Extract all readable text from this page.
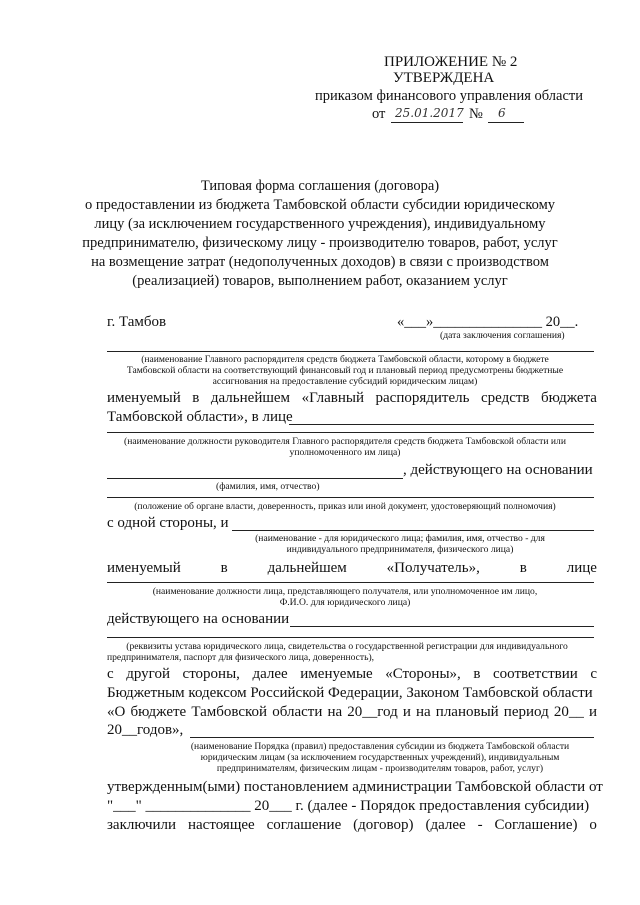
ПРИЛОЖЕНИЕ № 2
УТВЕРЖДЕНА
приказом финансового управления области
от 25.01.2017 № 6
Типовая форма соглашения (договора)
о предоставлении из бюджета Тамбовской области субсидии юридическому
лицу (за исключением государственного учреждения), индивидуальному
предпринимателю, физическому лицу - производителю товаров, работ, услуг
на возмещение затрат (недополученных доходов) в связи с производством
(реализацией) товаров, выполнением работ, оказанием услуг
г. Тамбов	«___»_______________ 20__.
(дата заключения соглашения)
(наименование Главного распорядителя средств бюджета Тамбовской области, которому в бюджете
Тамбовской области на соответствующий финансовый год и плановый период предусмотрены бюджетные
ассигнования на предоставление субсидий юридическим лицам)
именуемый в дальнейшем «Главный распорядитель средств бюджета
Тамбовской области», в лице
(наименование должности руководителя Главного распорядителя средств бюджета Тамбовской области или
уполномоченного им лица)
, действующего на основании
(фамилия, имя, отчество)
(положение об органе власти, доверенность, приказ или иной документ, удостоверяющий полномочия)
с одной стороны, и
(наименование - для юридического лица; фамилия, имя, отчество - для
индивидуального предпринимателя, физического лица)
именуемый	в	дальнейшем	«Получатель»,	в	лице
(наименование должности лица, представляющего получателя, или уполномоченное им лицо,
Ф.И.О. для юридического лица)
действующего на основании
(реквизиты устава юридического лица, свидетельства о государственной регистрации для индивидуального
предпринимателя, паспорт для физического лица, доверенность),
с другой стороны, далее именуемые «Стороны», в соответствии с
Бюджетным кодексом Российской Федерации, Законом Тамбовской области
«О бюджете Тамбовской области на 20__год и на плановый период 20__ и
20__годов»,
(наименование Порядка (правил) предоставления субсидии из бюджета Тамбовской области
юридическим лицам (за исключением государственных учреждений), индивидуальным
предпринимателям, физическим лицам - производителям товаров, работ, услуг)
утвержденным(ыми) постановлением администрации Тамбовской области от
"___" ______________ 20___ г. (далее - Порядок предоставления субсидии)
заключили настоящее соглашение (договор) (далее - Соглашение) о
